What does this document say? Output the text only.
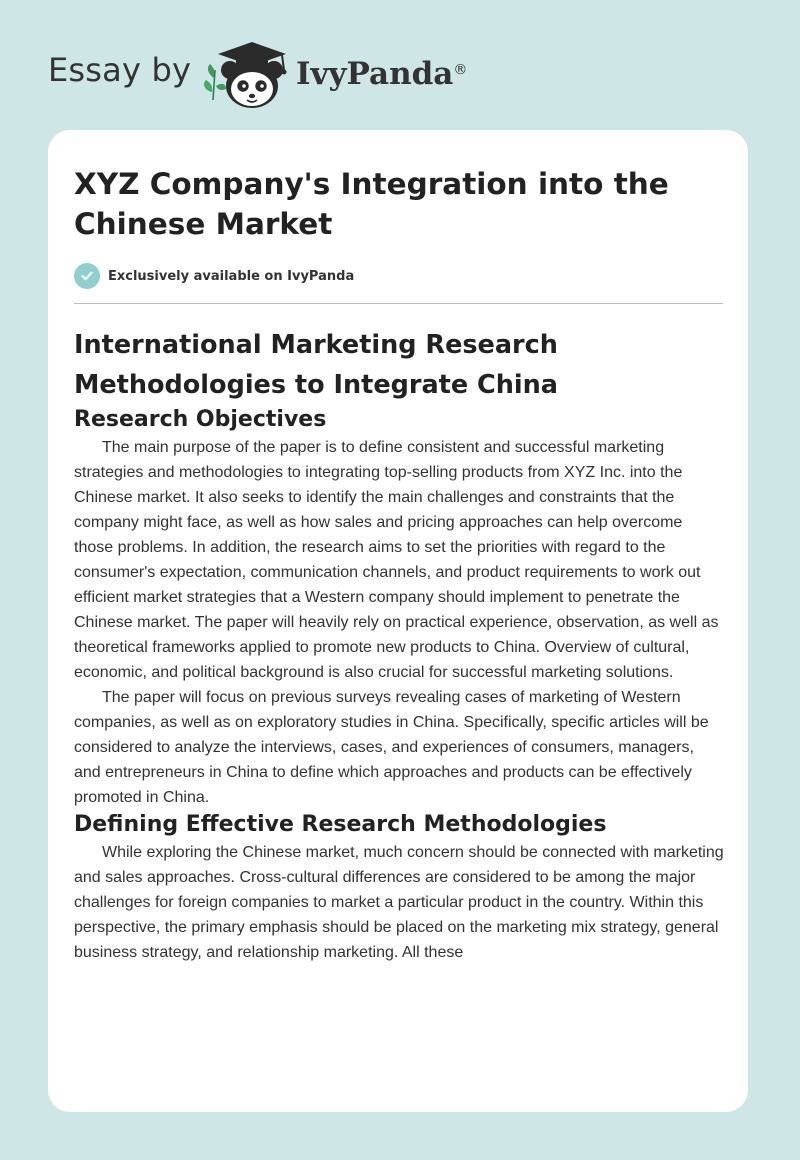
Essay by	IvyPanda®
XYZ Company's Integration into the Chinese Market
Exclusively available on IvyPanda
International Marketing Research Methodologies to Integrate China
Research Objectives

The main purpose of the paper is to define consistent and successful marketing strategies and methodologies to integrating top-selling products from XYZ Inc. into the Chinese market. It also seeks to identify the main challenges and constraints that the company might face, as well as how sales and pricing approaches can help overcome those problems. In addition, the research aims to set the priorities with regard to the consumer's expectation, communication channels, and product requirements to work out efficient market strategies that a Western company should implement to penetrate the Chinese market. The paper will heavily rely on practical experience, observation, as well as theoretical frameworks applied to promote new products to China. Overview of cultural, economic, and political background is also crucial for successful marketing solutions.

The paper will focus on previous surveys revealing cases of marketing of Western companies, as well as on exploratory studies in China. Specifically, specific articles will be considered to analyze the interviews, cases, and experiences of consumers, managers, and entrepreneurs in China to define which approaches and products can be effectively promoted in China.

Defining Effective Research Methodologies

While exploring the Chinese market, much concern should be connected with marketing and sales approaches. Cross-cultural differences are considered to be among the major challenges for foreign companies to market a particular product in the country. Within this perspective, the primary emphasis should be placed on the marketing mix strategy, general business strategy, and relationship marketing. All these
